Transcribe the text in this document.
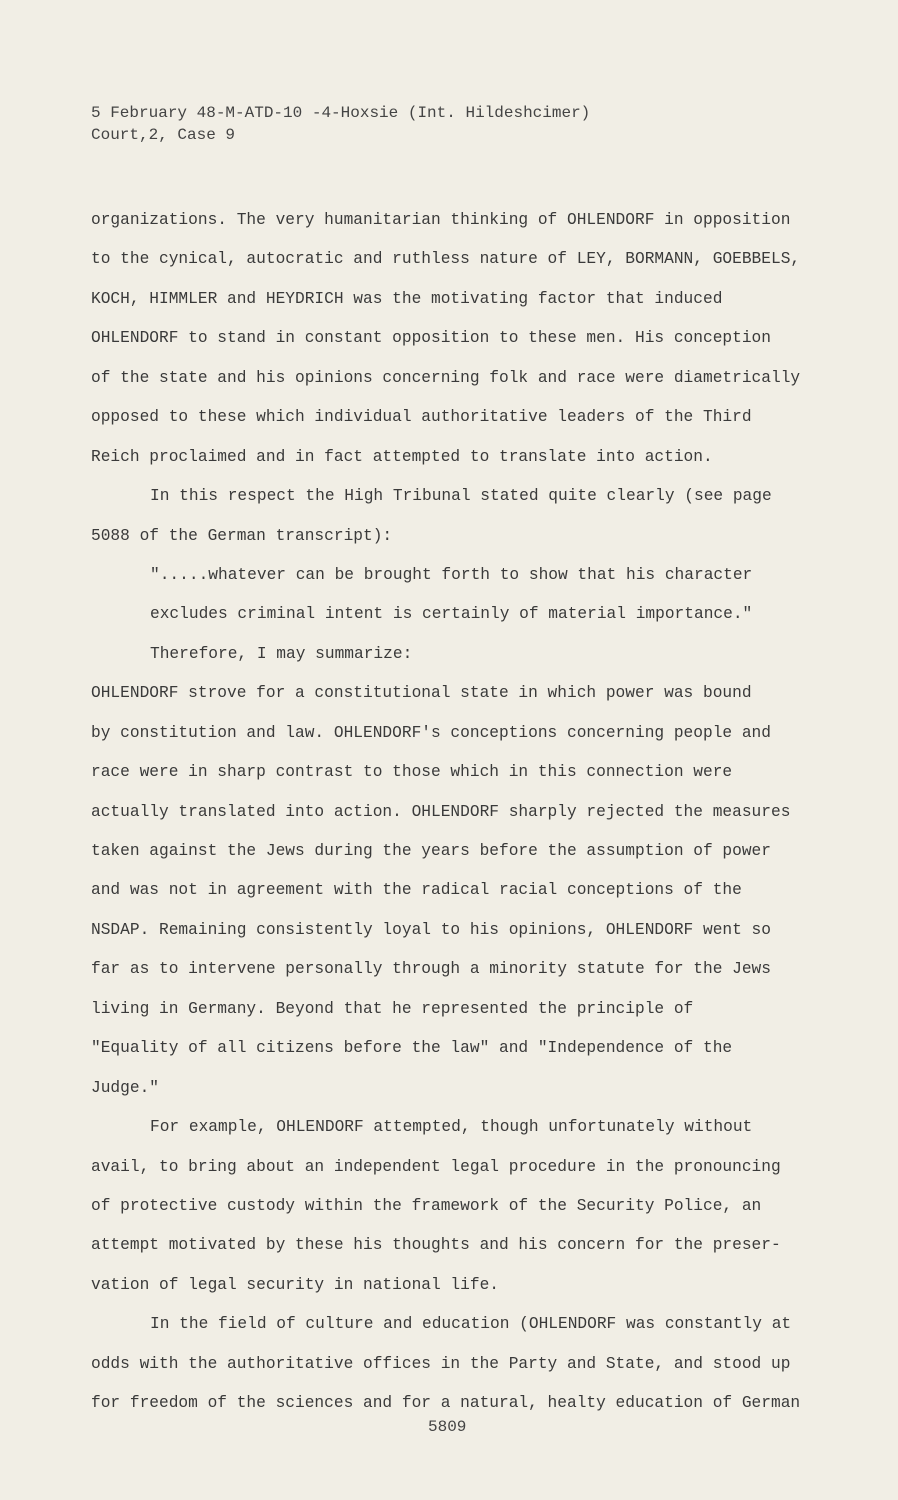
5 February 48-M-ATD-10 -4-Hoxsie (Int. Hildeshcimer)
Court,2, Case 9
organizations. The very humanitarian thinking of OHLENDORF in opposition
to the cynical, autocratic and ruthless nature of LEY, BORMANN, GOEBBELS,
KOCH, HIMMLER and HEYDRICH was the motivating factor that induced
OHLENDORF to stand in constant opposition to these men. His conception
of the state and his opinions concerning folk and race were diametrically
opposed to these which individual authoritative leaders of the Third
Reich proclaimed and in fact attempted to translate into action.
In this respect the High Tribunal stated quite clearly (see page
5088 of the German transcript):
".....whatever can be brought forth to show that his character
excludes criminal intent is certainly of material importance."
Therefore, I may summarize:
OHLENDORF strove for a constitutional state in which power was bound
by constitution and law. OHLENDORF's conceptions concerning people and
race were in sharp contrast to those which in this connection were
actually translated into action. OHLENDORF sharply rejected the measures
taken against the Jews during the years before the assumption of power
and was not in agreement with the radical racial conceptions of the
NSDAP. Remaining consistently loyal to his opinions, OHLENDORF went so
far as to intervene personally through a minority statute for the Jews
living in Germany. Beyond that he represented the principle of
"Equality of all citizens before the law" and "Independence of the
Judge."
For example, OHLENDORF attempted, though unfortunately without
avail, to bring about an independent legal procedure in the pronouncing
of protective custody within the framework of the Security Police, an
attempt motivated by these his thoughts and his concern for the preser-
vation of legal security in national life.
In the field of culture and education (OHLENDORF was constantly at
odds with the authoritative offices in the Party and State, and stood up
for freedom of the sciences and for a natural, healty education of German
5809
